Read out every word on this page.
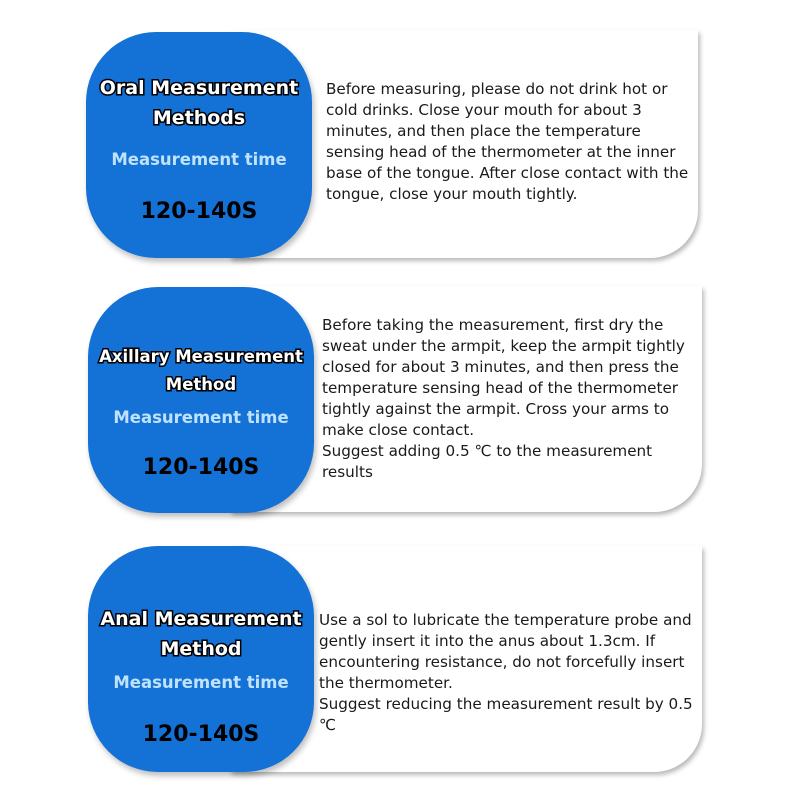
Before measuring, please do not drink hot or
cold drinks. Close your mouth for about 3
minutes, and then place the temperature
sensing head of the thermometer at the inner
base of the tongue. After close contact with the
tongue, close your mouth tightly.

Oral Measurement
Methods
Measurement time
120-140S

Before taking the measurement, first dry the
sweat under the armpit, keep the armpit tightly
closed for about 3 minutes, and then press the
temperature sensing head of the thermometer
tightly against the armpit. Cross your arms to
make close contact.
Suggest adding 0.5 ℃ to the measurement results

Axillary Measurement
Method
Measurement time
120-140S

Use a sol to lubricate the temperature probe and
gently insert it into the anus about 1.3cm. If
encountering resistance, do not forcefully insert
the thermometer.
Suggest reducing the measurement result by 0.5 ℃

Anal Measurement
Method
Measurement time
120-140S
